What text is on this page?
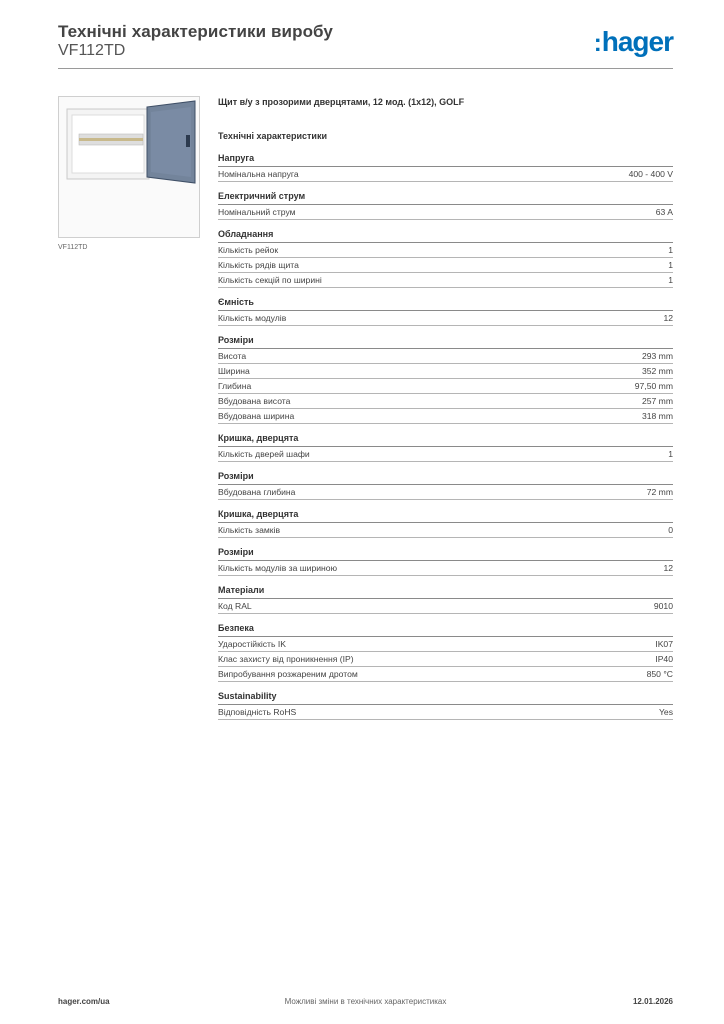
Технічні характеристики виробу
VF112TD	:hager
VF112TD
Щит в/у з прозорими дверцятами, 12 мод. (1x12), GOLF
Технічні характеристики
Напруга
Номінальна напруга	400 - 400 V
Електричний струм
Номінальний струм	63 A
Обладнання
Кількість рейок	1
Кількість рядів щита	1
Кількість секцій по ширині	1
Ємність
Кількість модулів	12
Розміри
Висота	293 mm
Ширина	352 mm
Глибина	97,50 mm
Вбудована висота	257 mm
Вбудована ширина	318 mm
Кришка, дверцята
Кількість дверей шафи	1
Розміри
Вбудована глибина	72 mm
Кришка, дверцята
Кількість замків	0
Розміри
Кількість модулів за шириною	12
Матеріали
Код RAL	9010
Безпека
Ударостійкість IK	IK07
Клас захисту від проникнення (IP)	IP40
Випробування розжареним дротом	850 °C
Sustainability
Відповідність RoHS	Yes
hager.com/ua	Можливі зміни в технічних характеристиках	12.01.2026
